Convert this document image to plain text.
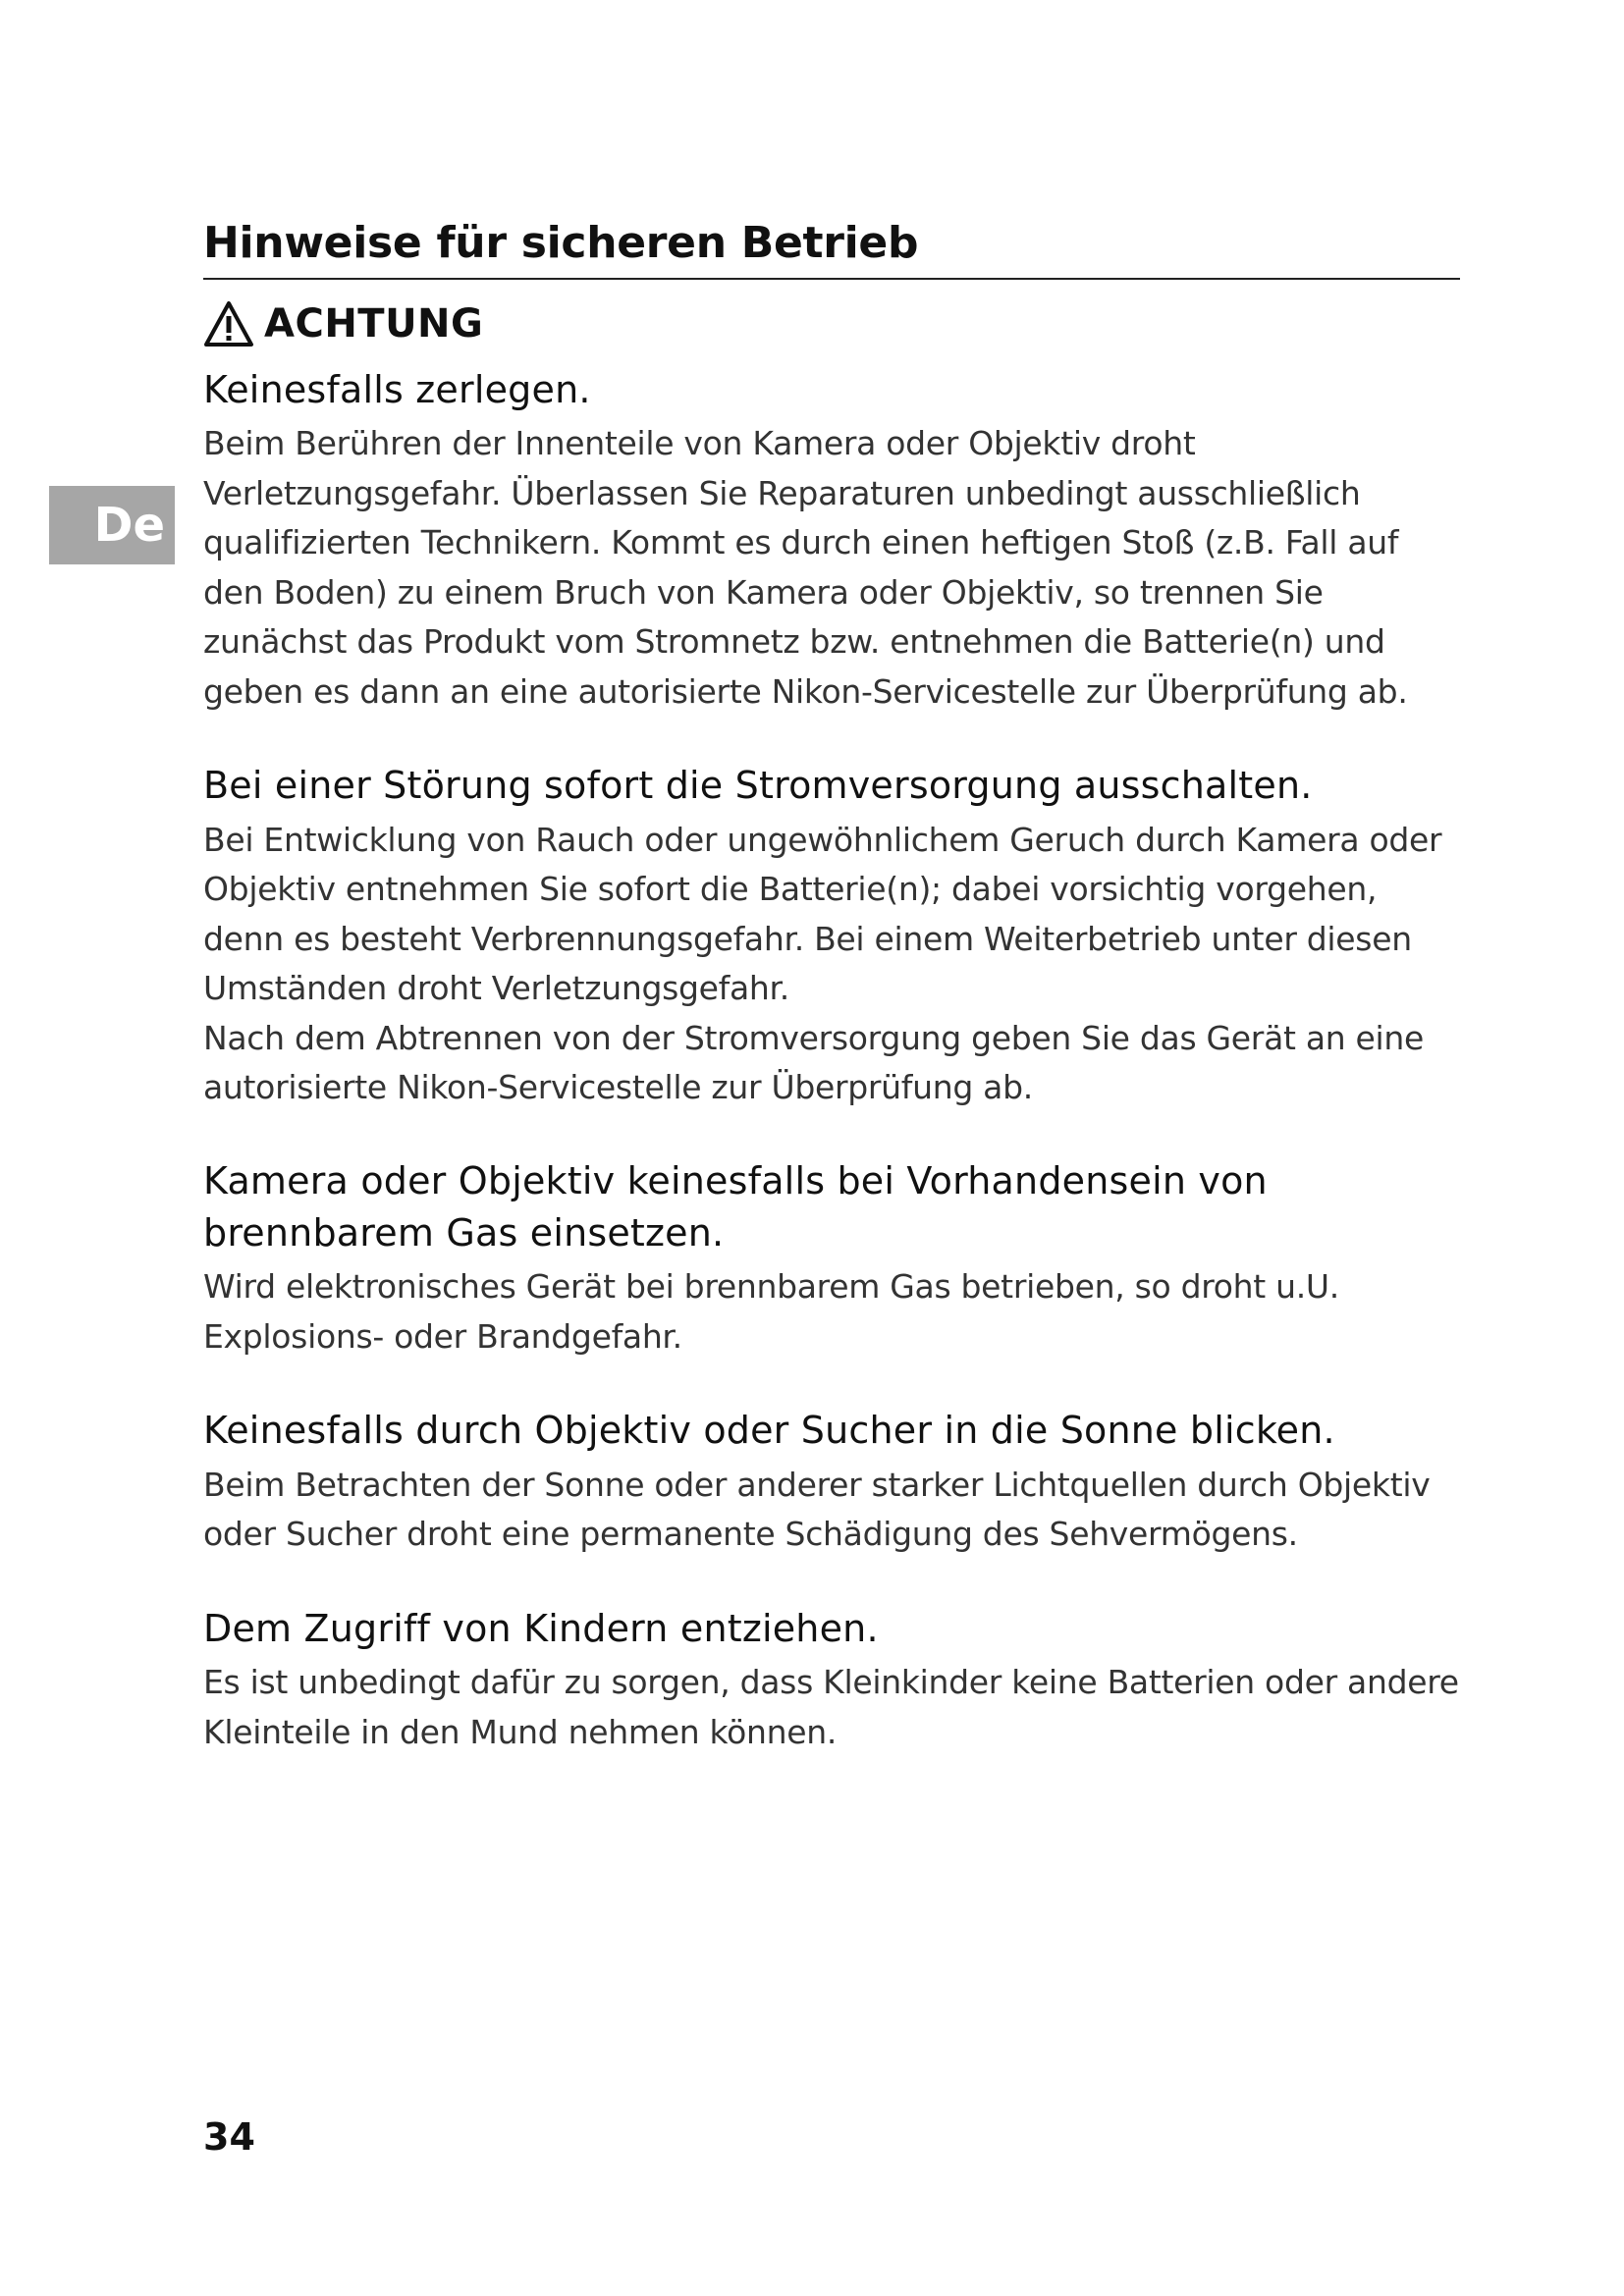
De
Hinweise für sicheren Betrieb
ACHTUNG
Keinesfalls zerlegen.

Beim Berühren der Innenteile von Kamera oder Objektiv droht Verletzungsgefahr. Überlassen Sie Reparaturen unbedingt ausschließlich qualifizierten Technikern. Kommt es durch einen heftigen Stoß (z.B. Fall auf den Boden) zu einem Bruch von Kamera oder Objektiv, so trennen Sie zunächst das Produkt vom Stromnetz bzw. entnehmen die Batterie(n) und geben es dann an eine autorisierte Nikon-Servicestelle zur Überprüfung ab.

Bei einer Störung sofort die Stromversorgung ausschalten.

Bei Entwicklung von Rauch oder ungewöhnlichem Geruch durch Kamera oder Objektiv entnehmen Sie sofort die Batterie(n); dabei vorsichtig vorgehen, denn es besteht Verbrennungsgefahr. Bei einem Weiterbetrieb unter diesen Umständen droht Verletzungsgefahr.

Nach dem Abtrennen von der Stromversorgung geben Sie das Gerät an eine autorisierte Nikon-Servicestelle zur Überprüfung ab.

Kamera oder Objektiv keinesfalls bei Vorhandensein von brennbarem Gas einsetzen.

Wird elektronisches Gerät bei brennbarem Gas betrieben, so droht u.U. Explosions- oder Brandgefahr.

Keinesfalls durch Objektiv oder Sucher in die Sonne blicken.

Beim Betrachten der Sonne oder anderer starker Lichtquellen durch Objektiv oder Sucher droht eine permanente Schädigung des Sehvermögens.

Dem Zugriff von Kindern entziehen.

Es ist unbedingt dafür zu sorgen, dass Kleinkinder keine Batterien oder andere Kleinteile in den Mund nehmen können.

34
